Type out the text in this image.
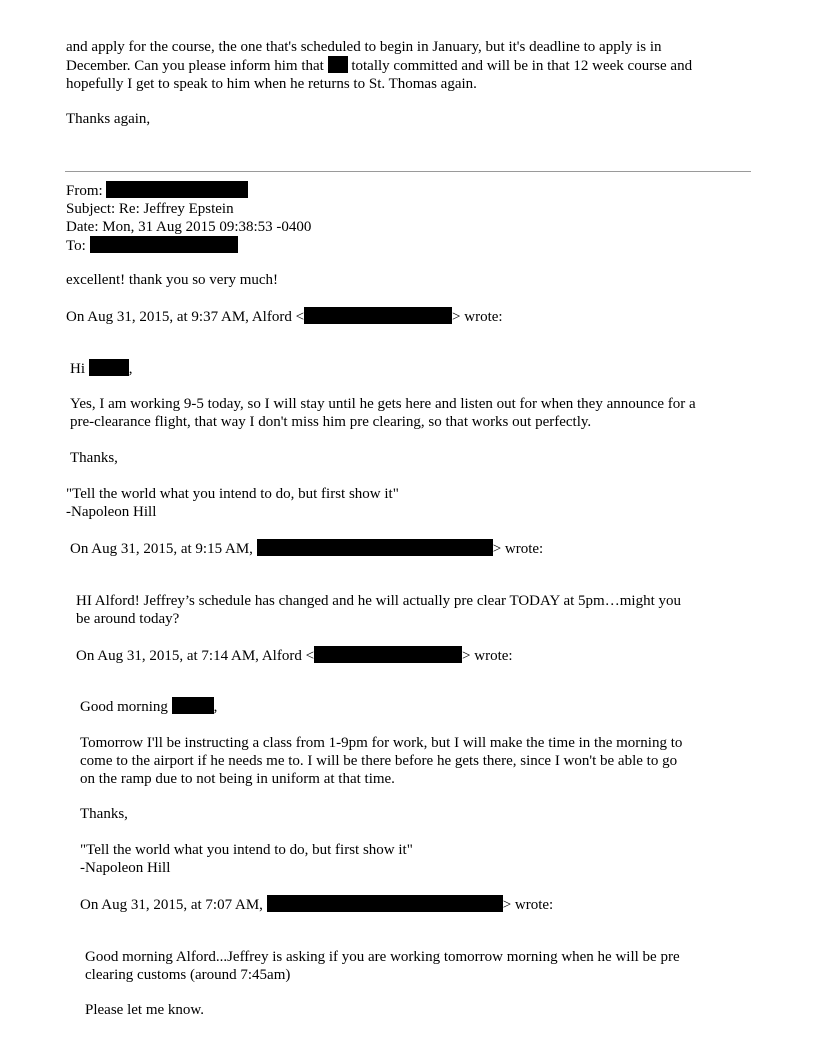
and apply for the course, the one that's scheduled to begin in January, but it's deadline to apply is in

December. Can you please inform him that totally committed and will be in that 12 week course and

hopefully I get to speak to him when he returns to St. Thomas again.

Thanks again,

From:

Subject: Re: Jeffrey Epstein

Date: Mon, 31 Aug 2015 09:38:53 -0400

To:

excellent! thank you so very much!

On Aug 31, 2015, at 9:37 AM, Alford <	> wrote:

Hi	,

Yes, I am working 9-5 today, so I will stay until he gets here and listen out for when they announce for a

pre-clearance flight, that way I don't miss him pre clearing, so that works out perfectly.

Thanks,

"Tell the world what you intend to do, but first show it"

-Napoleon Hill

On Aug 31, 2015, at 9:15 AM,	> wrote:

HI Alford! Jeffrey’s schedule has changed and he will actually pre clear TODAY at 5pm…might you

be around today?

On Aug 31, 2015, at 7:14 AM, Alford <	> wrote:

Good morning	,

Tomorrow I'll be instructing a class from 1-9pm for work, but I will make the time in the morning to

come to the airport if he needs me to. I will be there before he gets there, since I won't be able to go

on the ramp due to not being in uniform at that time.

Thanks,

"Tell the world what you intend to do, but first show it"

-Napoleon Hill

On Aug 31, 2015, at 7:07 AM,	> wrote:

Good morning Alford...Jeffrey is asking if you are working tomorrow morning when he will be pre

clearing customs (around 7:45am)

Please let me know.
